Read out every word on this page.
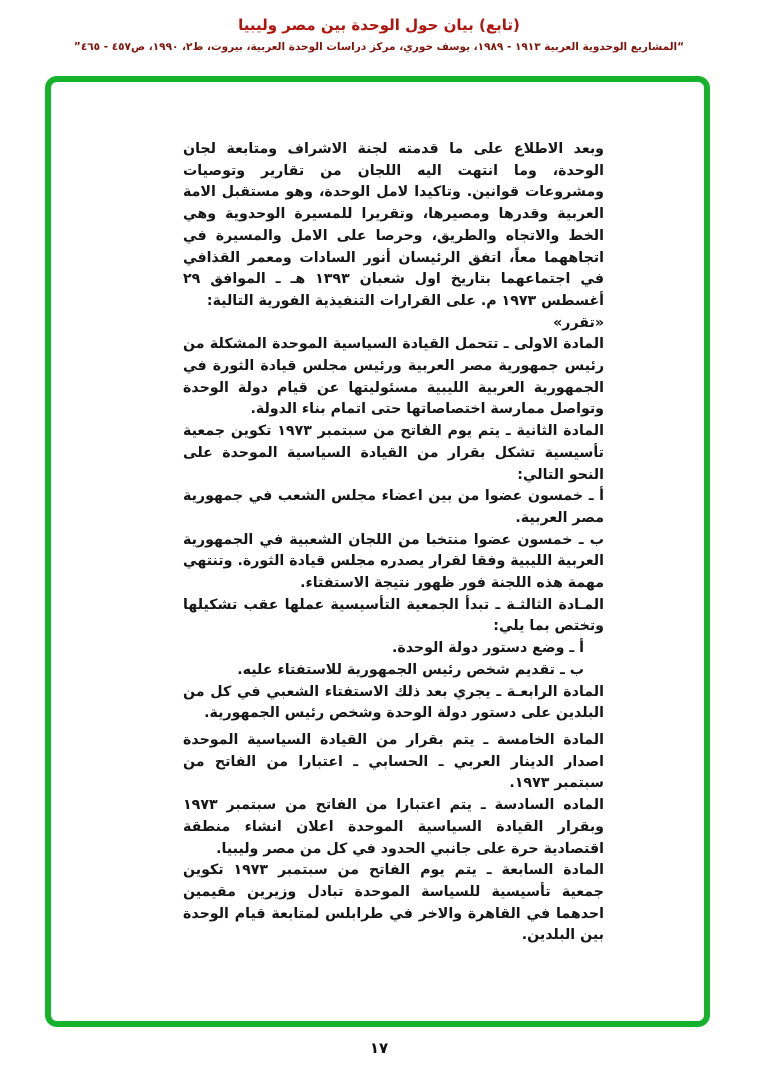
(تابع) بيان حول الوحدة بين مصر وليبيا
“المشاريع الوحدوية العربية ١٩١٣ - ١٩٨٩، يوسف خوري، مركز دراسات الوحدة العربية، بيروت، ط٢، ١٩٩٠، ص٤٥٧ - ٤٦٥”

وبعد الاطلاع على ما قدمته لجنة الاشراف ومتابعة لجان الوحدة، وما انتهت اليه اللجان من تقارير وتوصيات ومشروعات قوانين. وتاكيدا لامل الوحدة، وهو مستقبل الامة العربية وقدرها ومصيرها، وتقريرا للمسيرة الوحدوية وهي الخط والاتجاه والطريق، وحرصا على الامل والمسيرة في اتجاههما معاً، اتفق الرئيسان أنور السادات ومعمر القذافي في اجتماعهما بتاريخ اول شعبان ١٣٩٣ هـ ـ الموافق ٢٩ أغسطس ١٩٧٣ م. على القرارات التنفيذية الفورية التالية:

«تقرر»

المادة الاولى ـ تتحمل القيادة السياسية الموحدة المشكلة من رئيس جمهورية مصر العربية ورئيس مجلس قيادة الثورة في الجمهورية العربية الليبية مسئوليتها عن قيام دولة الوحدة وتواصل ممارسة اختصاصاتها حتى اتمام بناء الدولة.

المادة الثانية ـ يتم يوم الفاتح من سبتمبر ١٩٧٣ تكوين جمعية تأسيسية تشكل بقرار من القيادة السياسية الموحدة على النحو التالي:

أ ـ خمسون عضوا من بين اعضاء مجلس الشعب في جمهورية مصر العربية.

ب ـ خمسون عضوا منتخبا من اللجان الشعبية في الجمهورية العربية الليبية وفقا لقرار يصدره مجلس قيادة الثورة. وتنتهي مهمة هذه اللجنة فور ظهور نتيجة الاستفتاء.

المـادة الثالثـة ـ تبدأ الجمعية التأسيسية عملها عقب تشكيلها وتختص بما يلي:

أ ـ وضع دستور دولة الوحدة.

ب ـ تقديم شخص رئيس الجمهورية للاستفتاء عليه.

المادة الرابعـة ـ يجري بعد ذلك الاستفتاء الشعبي في كل من البلدين على دستور دولة الوحدة وشخص رئيس الجمهورية.

المادة الخامسة ـ يتم بقرار من القيادة السياسية الموحدة اصدار الدينار العربي ـ الحسابي ـ اعتبارا من الفاتح من سبتمبر ١٩٧٣.

الماده السادسة ـ يتم اعتبارا من الفاتح من سبتمبر ١٩٧٣ وبقرار القيادة السياسية الموحدة اعلان انشاء منطقة اقتصادية حرة على جانبي الحدود في كل من مصر وليبيا.

المادة السابعة ـ يتم يوم الفاتح من سبتمبر ١٩٧٣ تكوين جمعية تأسيسية للسياسة الموحدة تبادل وزيرين مقيمين احدهما في القاهرة والاخر في طرابلس لمتابعة قيام الوحدة بين البلدين.

١٧
